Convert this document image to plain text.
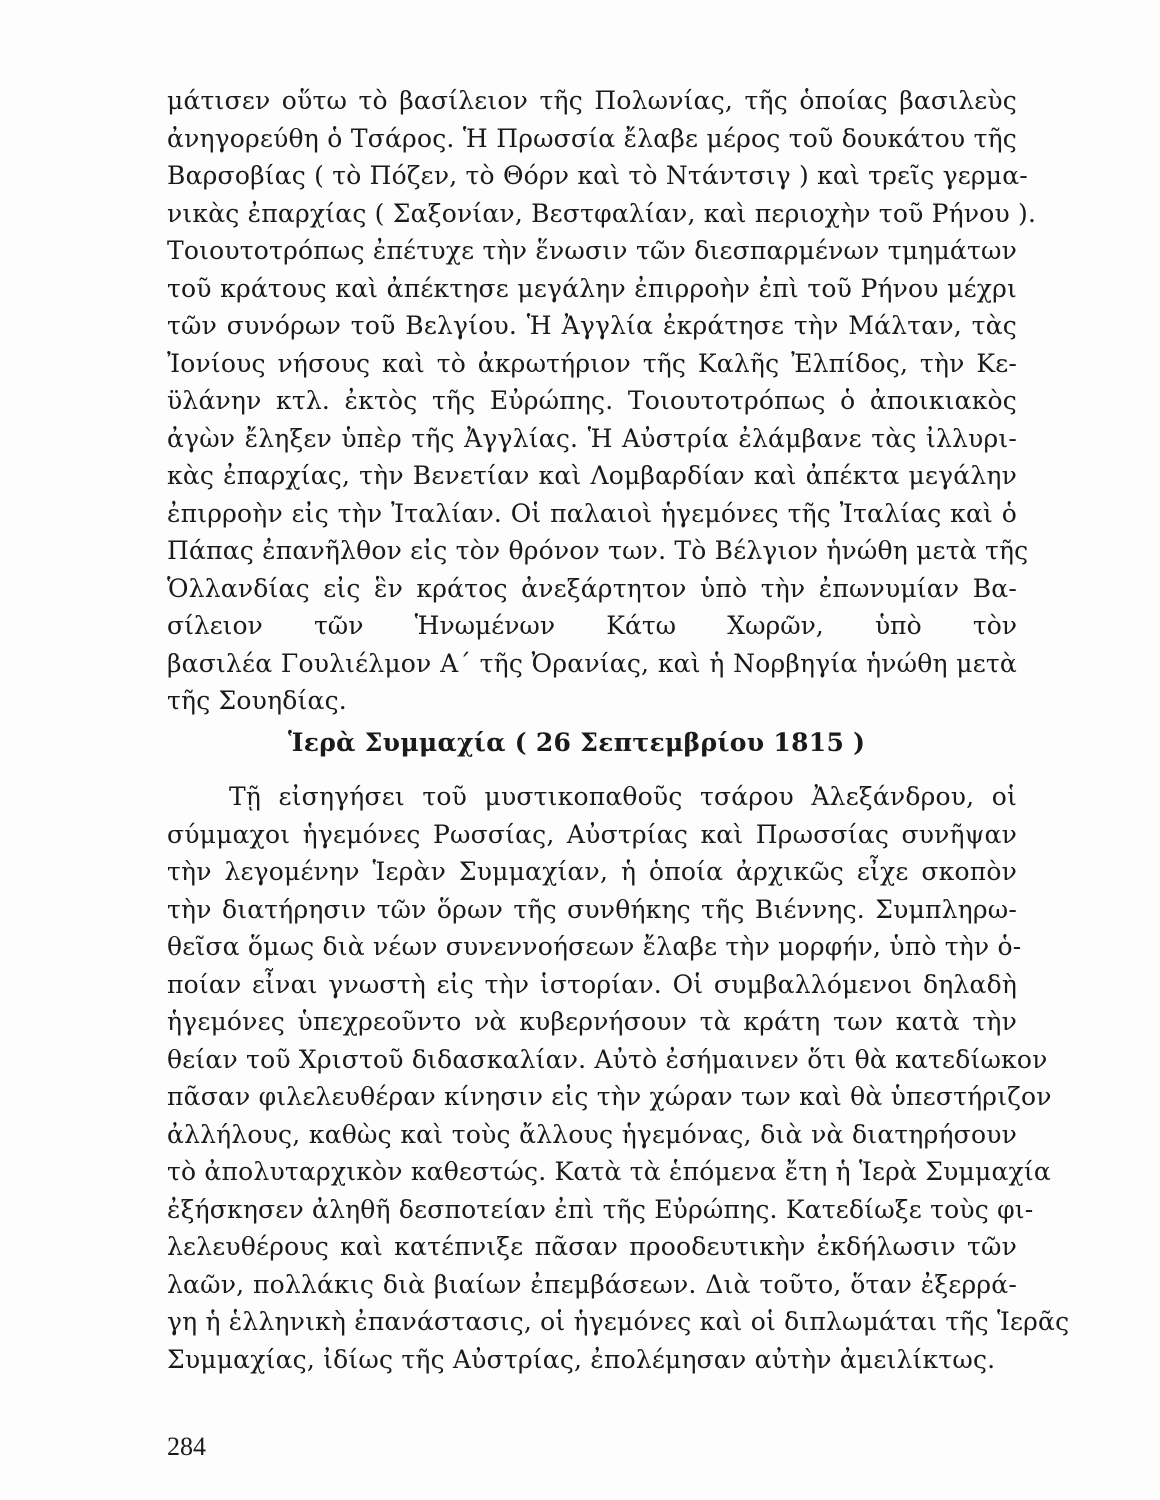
μάτισεν οὕτω τὸ βασίλειον τῆς Πολωνίας, τῆς ὁποίας βασιλεὺς
ἀνηγορεύθη ὁ Τσάρος. Ἡ Πρωσσία ἔλαβε μέρος τοῦ δουκάτου τῆς
Βαρσοβίας ( τὸ Πόζεν, τὸ Θόρν καὶ τὸ Ντάντσιγ ) καὶ τρεῖς γερμα-
νικὰς ἐπαρχίας ( Σαξονίαν, Βεστφαλίαν, καὶ περιοχὴν τοῦ Ρήνου ).
Τοιουτοτρόπως ἐπέτυχε τὴν ἕνωσιν τῶν διεσπαρμένων τμημάτων
τοῦ κράτους καὶ ἀπέκτησε μεγάλην ἐπιρροὴν ἐπὶ τοῦ Ρήνου μέχρι
τῶν συνόρων τοῦ Βελγίου. Ἡ Ἀγγλία ἐκράτησε τὴν Μάλταν, τὰς
Ἰονίους νήσους καὶ τὸ ἀκρωτήριον τῆς Καλῆς Ἐλπίδος, τὴν Κε-
ϋλάνην κτλ. ἐκτὸς τῆς Εὐρώπης. Τοιουτοτρόπως ὁ ἀποικιακὸς
ἀγὼν ἔληξεν ὑπὲρ τῆς Ἀγγλίας. Ἡ Αὐστρία ἐλάμβανε τὰς ἰλλυρι-
κὰς ἐπαρχίας, τὴν Βενετίαν καὶ Λομβαρδίαν καὶ ἀπέκτα μεγάλην
ἐπιρροὴν εἰς τὴν Ἰταλίαν. Οἱ παλαιοὶ ἡγεμόνες τῆς Ἰταλίας καὶ ὁ
Πάπας ἐπανῆλθον εἰς τὸν θρόνον των. Τὸ Βέλγιον ἡνώθη μετὰ τῆς
Ὁλλανδίας εἰς ἓν κράτος ἀνεξάρτητον ὑπὸ τὴν ἐπωνυμίαν Βα-
σίλειον τῶν Ἡνωμένων Κάτω Χωρῶν, ὑπὸ τὸν
βασιλέα Γουλιέλμον Α΄ τῆς Ὀρανίας, καὶ ἡ Νορβηγία ἡνώθη μετὰ
τῆς Σουηδίας.
Ἱερὰ Συμμαχία ( 26 Σεπτεμβρίου 1815 )
Τῇ εἰσηγήσει τοῦ μυστικοπαθοῦς τσάρου Ἀλεξάνδρου, οἱ
σύμμαχοι ἡγεμόνες Ρωσσίας, Αὐστρίας καὶ Πρωσσίας συνῆψαν
τὴν λεγομένην Ἱερὰν Συμμαχίαν, ἡ ὁποία ἀρχικῶς εἶχε σκοπὸν
τὴν διατήρησιν τῶν ὅρων τῆς συνθήκης τῆς Βιέννης. Συμπληρω-
θεῖσα ὅμως διὰ νέων συνεννοήσεων ἔλαβε τὴν μορφήν, ὑπὸ τὴν ὁ-
ποίαν εἶναι γνωστὴ εἰς τὴν ἱστορίαν. Οἱ συμβαλλόμενοι δηλαδὴ
ἡγεμόνες ὑπεχρεοῦντο νὰ κυβερνήσουν τὰ κράτη των κατὰ τὴν
θείαν τοῦ Χριστοῦ διδασκαλίαν. Αὐτὸ ἐσήμαινεν ὅτι θὰ κατεδίωκον
πᾶσαν φιλελευθέραν κίνησιν εἰς τὴν χώραν των καὶ θὰ ὑπεστήριζον
ἀλλήλους, καθὼς καὶ τοὺς ἄλλους ἡγεμόνας, διὰ νὰ διατηρήσουν
τὸ ἀπολυταρχικὸν καθεστώς. Κατὰ τὰ ἑπόμενα ἔτη ἡ Ἱερὰ Συμμαχία
ἐξήσκησεν ἀληθῆ δεσποτείαν ἐπὶ τῆς Εὐρώπης. Κατεδίωξε τοὺς φι-
λελευθέρους καὶ κατέπνιξε πᾶσαν προοδευτικὴν ἐκδήλωσιν τῶν
λαῶν, πολλάκις διὰ βιαίων ἐπεμβάσεων. Διὰ τοῦτο, ὅταν ἐξερρά-
γη ἡ ἑλληνικὴ ἐπανάστασις, οἱ ἡγεμόνες καὶ οἱ διπλωμάται τῆς Ἱερᾶς
Συμμαχίας, ἰδίως τῆς Αὐστρίας, ἐπολέμησαν αὐτὴν ἀμειλίκτως.
284
